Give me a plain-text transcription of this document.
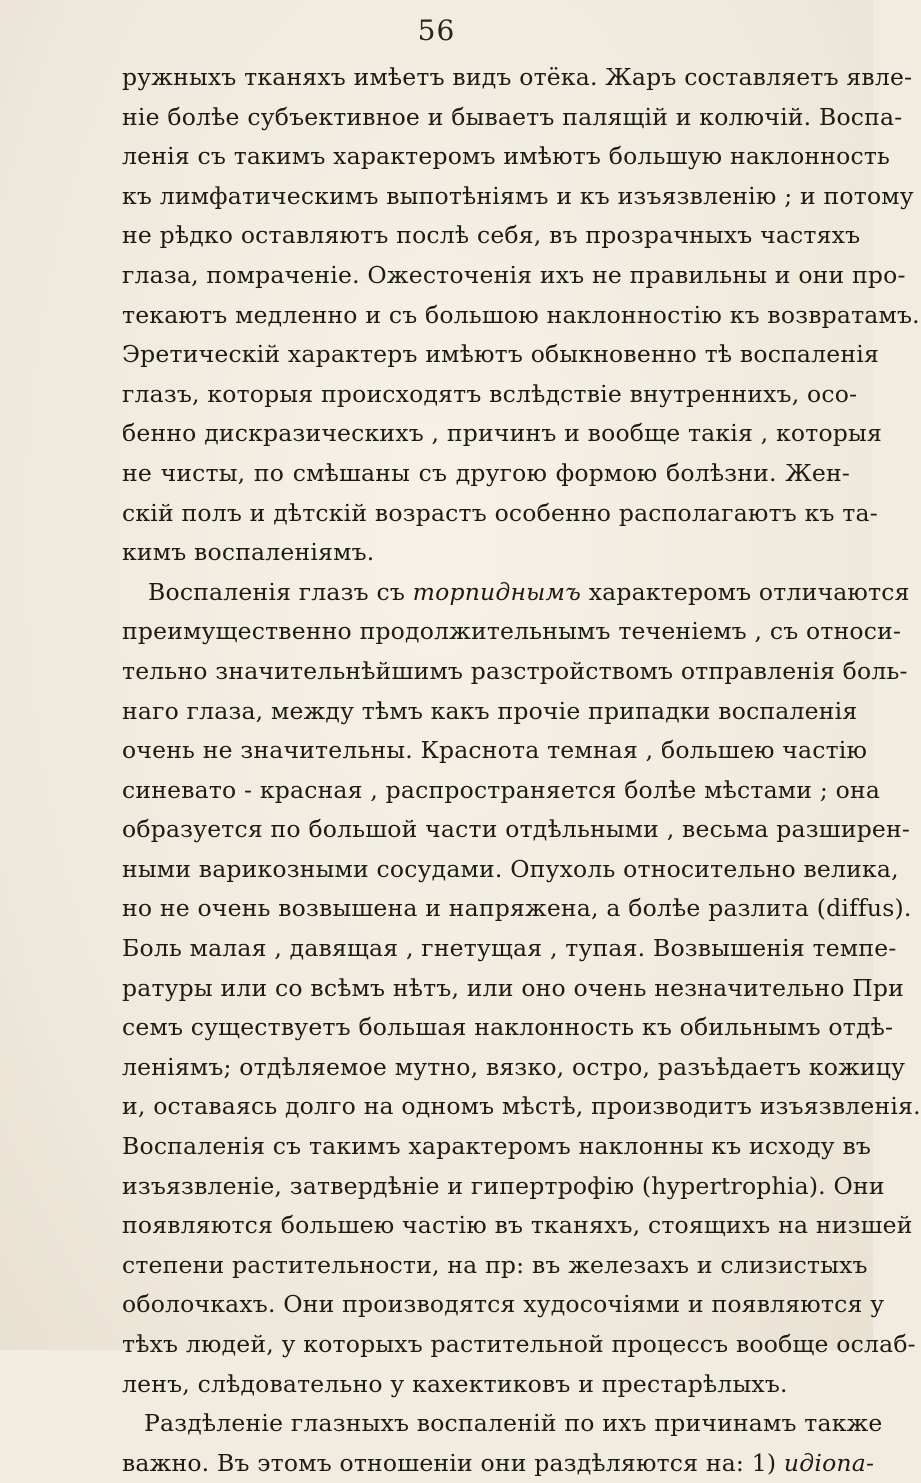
56
ружныхъ тканяхъ имѣетъ видъ отёка. Жаръ составляетъ явле-
ніе болѣе субъективное и бываетъ палящій и колючій. Воспа-
ленія съ такимъ характеромъ имѣютъ большую наклонность
къ лимфатическимъ выпотѣніямъ и къ изъязвленію ; и потому
не рѣдко оставляютъ послѣ себя, въ прозрачныхъ частяхъ
глаза, помраченіе. Ожесточенія ихъ не правильны и они про-
текаютъ медленно и съ большою наклонностію къ возвратамъ.
Эретическій характеръ имѣютъ обыкновенно тѣ воспаленія
глазъ, которыя происходятъ вслѣдствіе внутреннихъ, осо-
бенно дискразическихъ , причинъ и вообще такія , которыя
не чисты, по смѣшаны съ другою формою болѣзни. Жен-
скій полъ и дѣтскій возрастъ особенно располагаютъ къ та-
кимъ воспаленіямъ.
Воспаленія глазъ съ торпиднымъ характеромъ отличаются
преимущественно продолжительнымъ теченіемъ , съ относи-
тельно значительнѣйшимъ разстройствомъ отправленія боль-
наго глаза, между тѣмъ какъ прочіе припадки воспаленія
очень не значительны. Краснота темная , большею частію
синевато - красная , распространяется болѣе мѣстами ; она
образуется по большой части отдѣльными , весьма разширен-
ными варикозными сосудами. Опухоль относительно велика,
но не очень возвышена и напряжена, а болѣе разлита (diffus).
Боль малая , давящая , гнетущая , тупая. Возвышенія темпе-
ратуры или со всѣмъ нѣтъ, или оно очень незначительно При
семъ существуетъ большая наклонность къ обильнымъ отдѣ-
леніямъ; отдѣляемое мутно, вязко, остро, разъѣдаетъ кожицу
и, оставаясь долго на одномъ мѣстѣ, производитъ изъязвленія.
Воспаленія съ такимъ характеромъ наклонны къ исходу въ
изъязвленіе, затвердѣніе и гипертрофію (hypertrophia). Они
появляются большею частію въ тканяхъ, стоящихъ на низшей
степени растительности, на пр: въ железахъ и слизистыхъ
оболочкахъ. Они производятся худосочіями и появляются у
тѣхъ людей, у которыхъ растительной процессъ вообще ослаб-
ленъ, слѣдовательно у кахектиковъ и престарѣлыхъ.
Раздѣленіе глазныхъ воспаленій по ихъ причинамъ также
важно. Въ этомъ отношеніи они раздѣляются на: 1) идіопа-
